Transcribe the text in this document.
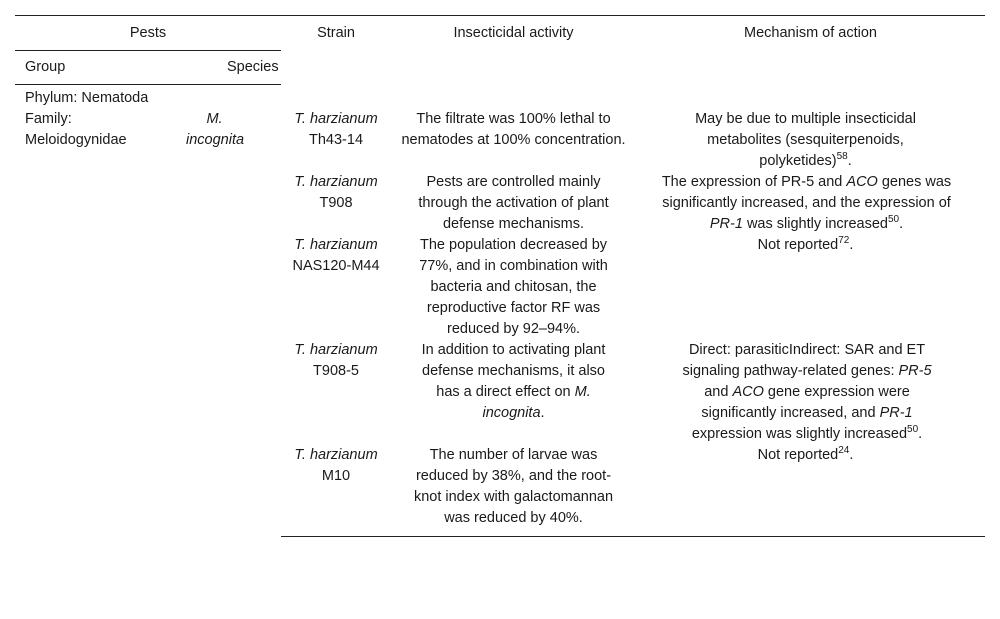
Pests		Strain	Insecticidal activity	Mechanism of action
Group	Species			
Phylum: Nematoda				
Family: Meloidogynidae	M. incognita	T. harzianum Th43-14	The filtrate was 100% lethal to nematodes at 100% concentration.	May be due to multiple insecticidal metabolites (sesquiterpenoids, polyketides)$^{58}$.
		T. harzianum T908	Pests are controlled mainly through the activation of plant defense mechanisms.	The expression of PR-5 and ACO genes was significantly increased, and the expression of PR-1 was slightly increased$^{50}$.
		T. harzianum NAS120-M44	The population decreased by 77%, and in combination with bacteria and chitosan, the reproductive factor RF was reduced by 92–94%.	Not reported$^{72}$.
		T. harzianum T908-5	In addition to activating plant defense mechanisms, it also has a direct effect on M. incognita.	Direct: parasiticIndirect: SAR and ET signaling pathway-related genes: PR-5 and ACO gene expression were significantly increased, and PR-1 expression was slightly increased$^{50}$.
		T. harzianum M10	The number of larvae was reduced by 38%, and the root-knot index with galactomannan was reduced by 40%.	Not reported$^{24}$.
